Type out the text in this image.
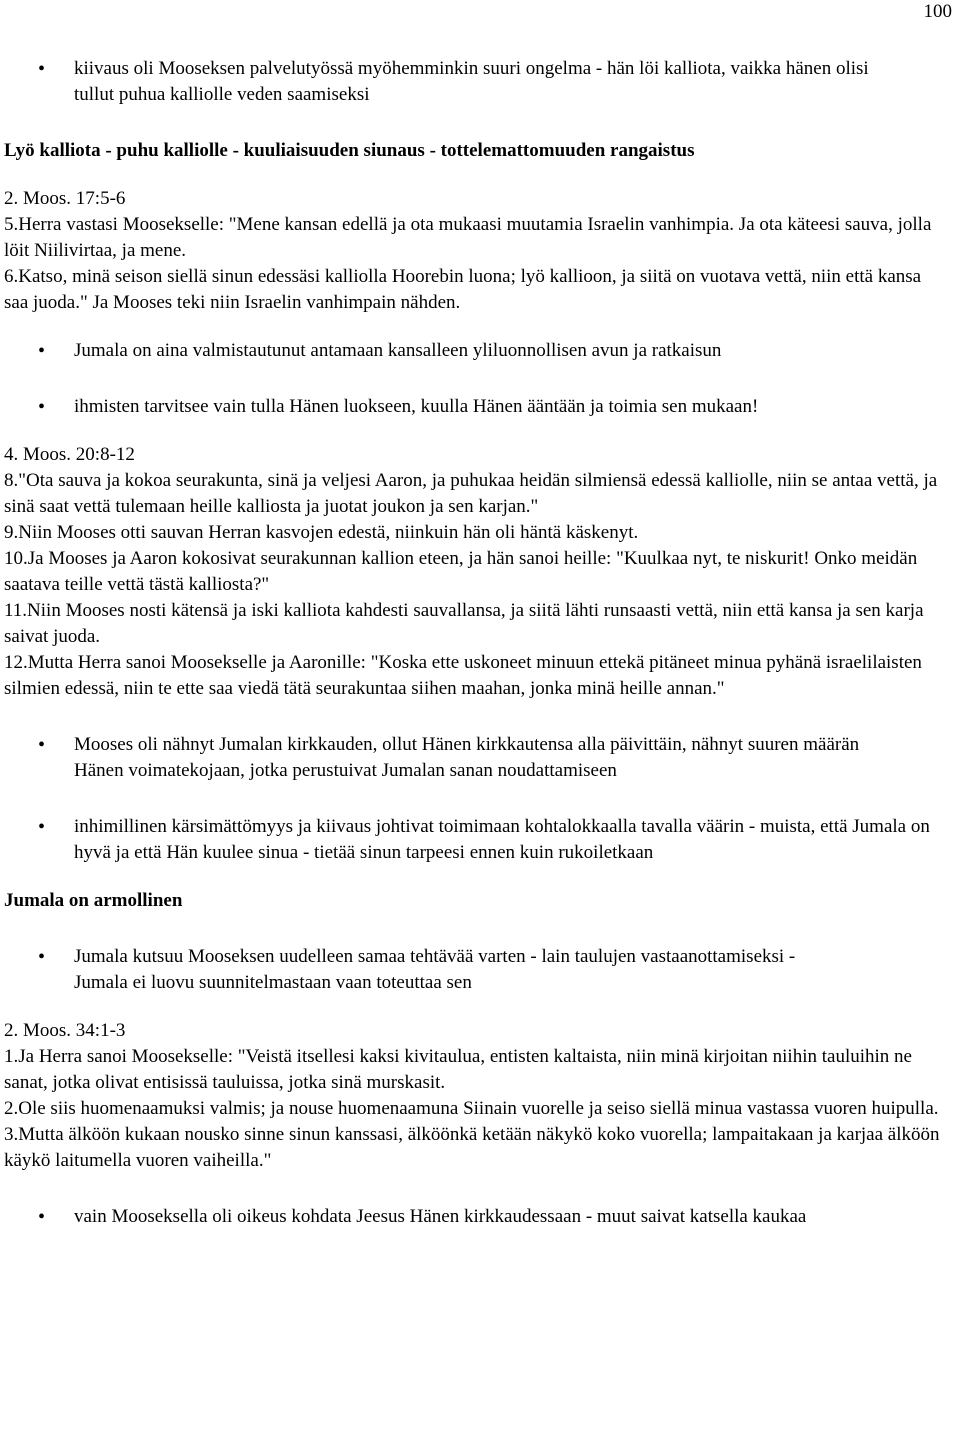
100
• kiivaus oli Mooseksen palvelutyössä myöhemminkin suuri ongelma - hän löi kalliota, vaikka hänen olisi tullut puhua kalliolle veden saamiseksi

Lyö kalliota - puhu kalliolle - kuuliaisuuden siunaus - tottelemattomuuden rangaistus

2. Moos. 17:5-6

5.Herra vastasi Moosekselle: "Mene kansan edellä ja ota mukaasi muutamia Israelin vanhimpia. Ja ota käteesi sauva, jolla löit Niilivirtaa, ja mene.

6.Katso, minä seison siellä sinun edessäsi kalliolla Hoorebin luona; lyö kallioon, ja siitä on vuotava vettä, niin että kansa saa juoda." Ja Mooses teki niin Israelin vanhimpain nähden.

• Jumala on aina valmistautunut antamaan kansalleen yliluonnollisen avun ja ratkaisun
• ihmisten tarvitsee vain tulla Hänen luokseen, kuulla Hänen ääntään ja toimia sen mukaan!

4. Moos. 20:8-12

8."Ota sauva ja kokoa seurakunta, sinä ja veljesi Aaron, ja puhukaa heidän silmiensä edessä kalliolle, niin se antaa vettä, ja sinä saat vettä tulemaan heille kalliosta ja juotat joukon ja sen karjan."

9.Niin Mooses otti sauvan Herran kasvojen edestä, niinkuin hän oli häntä käskenyt.

10.Ja Mooses ja Aaron kokosivat seurakunnan kallion eteen, ja hän sanoi heille: "Kuulkaa nyt, te niskurit! Onko meidän saatava teille vettä tästä kalliosta?"

11.Niin Mooses nosti kätensä ja iski kalliota kahdesti sauvallansa, ja siitä lähti runsaasti vettä, niin että kansa ja sen karja saivat juoda.

12.Mutta Herra sanoi Moosekselle ja Aaronille: "Koska ette uskoneet minuun ettekä pitäneet minua pyhänä israelilaisten silmien edessä, niin te ette saa viedä tätä seurakuntaa siihen maahan, jonka minä heille annan."

• Mooses oli nähnyt Jumalan kirkkauden, ollut Hänen kirkkautensa alla päivittäin, nähnyt suuren määrän Hänen voimatekojaan, jotka perustuivat Jumalan sanan noudattamiseen
• inhimillinen kärsimättömyys ja kiivaus johtivat toimimaan kohtalokkaalla tavalla väärin - muista, että Jumala on hyvä ja että Hän kuulee sinua - tietää sinun tarpeesi ennen kuin rukoiletkaan

Jumala on armollinen

• Jumala kutsuu Mooseksen uudelleen samaa tehtävää varten - lain taulujen vastaanottamiseksi - Jumala ei luovu suunnitelmastaan vaan toteuttaa sen

2. Moos. 34:1-3

1.Ja Herra sanoi Moosekselle: "Veistä itsellesi kaksi kivitaulua, entisten kaltaista, niin minä kirjoitan niihin tauluihin ne sanat, jotka olivat entisissä tauluissa, jotka sinä murskasit.

2.Ole siis huomenaamuksi valmis; ja nouse huomenaamuna Siinain vuorelle ja seiso siellä minua vastassa vuoren huipulla.

3.Mutta älköön kukaan nousko sinne sinun kanssasi, älköönkä ketään näkykö koko vuorella; lampaitakaan ja karjaa älköön käykö laitumella vuoren vaiheilla."

• vain Mooseksella oli oikeus kohdata Jeesus Hänen kirkkaudessaan - muut saivat katsella kaukaa
